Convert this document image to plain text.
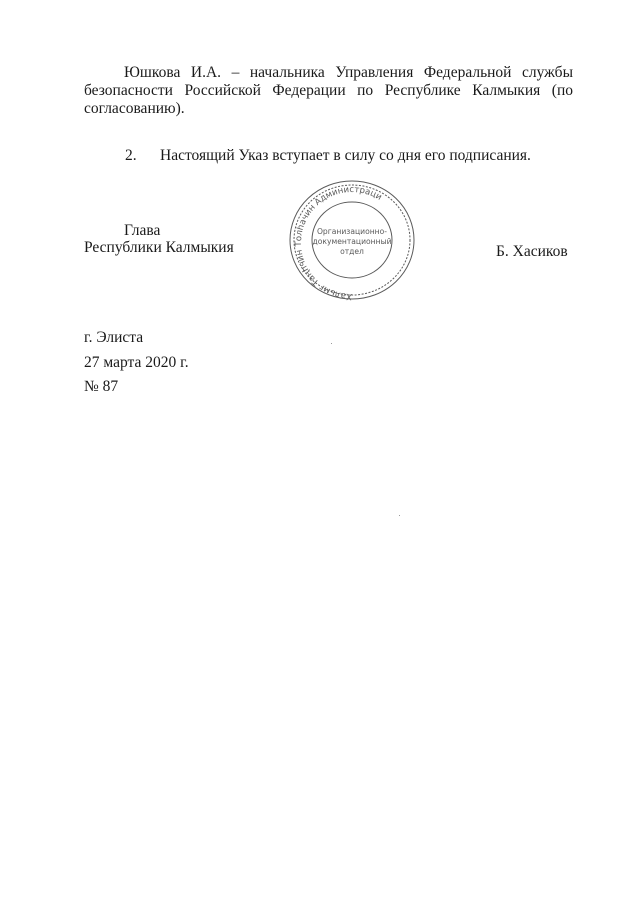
Юшкова И.А. – начальника Управления Федеральной службы
безопасности Российской Федерации по Республике Калмыкия (по
согласованию).
2. Настоящий Указ вступает в силу со дня его подписания.
Глава
Республики Калмыкия
Хальмг Таңhчин Толhачин Администраци
Организационно-
документационный
отдел	Б. Хасиков
г. Элиста
27 марта 2020 г.
№ 87
